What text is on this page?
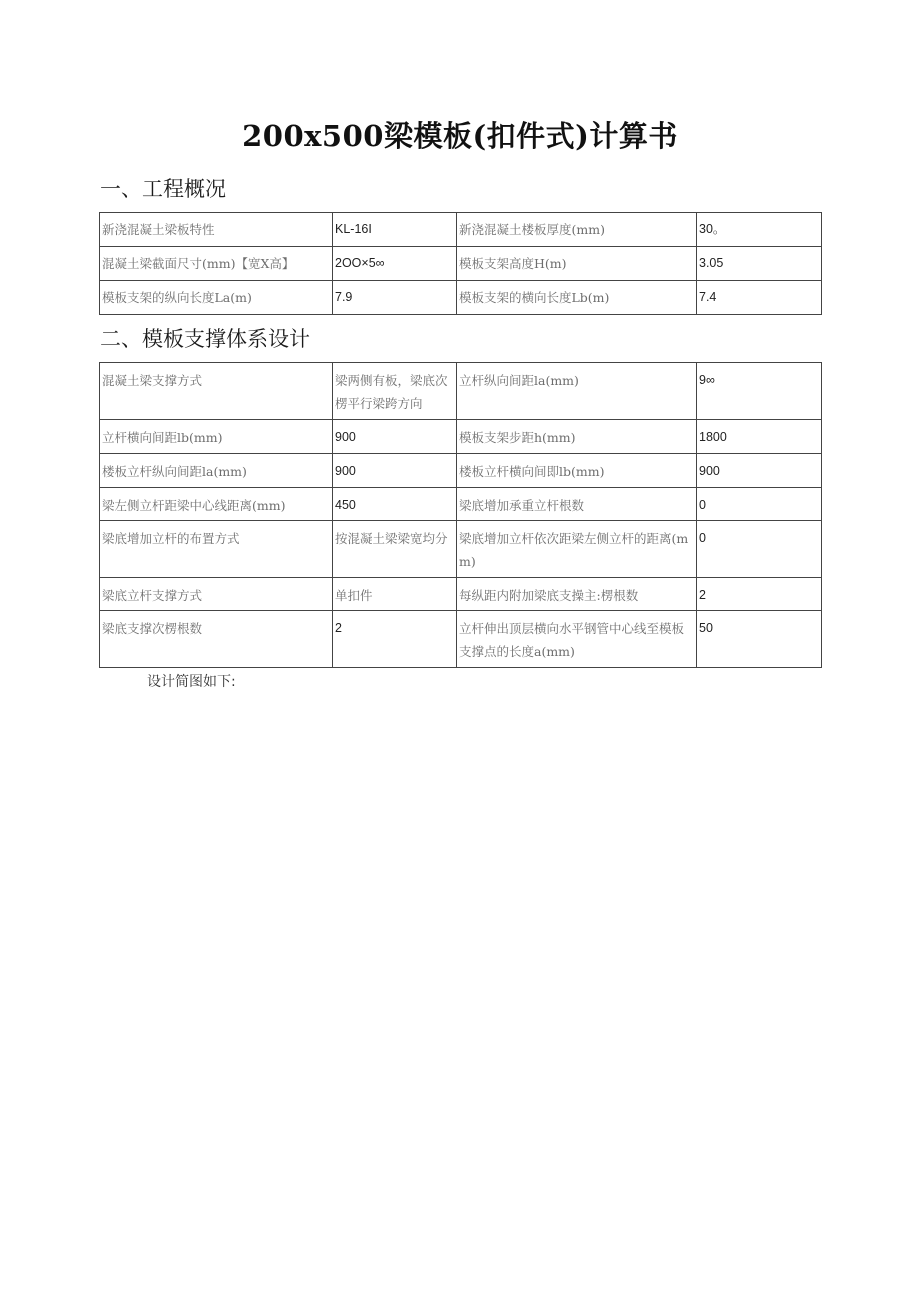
200x500梁模板(扣件式)计算书
一、工程概况
新浇混凝土梁板特性	KL-16I	新浇混凝土楼板厚度(mm)	30。
混凝土梁截面尺寸(mm)【宽X高】	2OO×5∞	模板支架高度H(m)	3.05
模板支架的纵向长度La(m)	7.9	模板支架的横向长度Lb(m)	7.4
二、模板支撑体系设计
混凝土梁支撑方式	梁两侧有板，梁底次楞平行梁跨方向	立杆纵向间距la(mm)	9∞
立杆横向间距lb(mm)	900	模板支架步距h(mm)	1800
楼板立杆纵向间距la(mm)	900	楼板立杆横向间即lb(mm)	900
梁左侧立杆距梁中心线距离(mm)	450	梁底增加承重立杆根数	0
梁底增加立杆的布置方式	按混凝土梁梁宽均分	梁底增加立杆依次距梁左侧立杆的距离(mm)	0
梁底立杆支撑方式	单扣件	每纵距内附加梁底支操主:楞根数	2
梁底支撑次楞根数	2	立杆伸出顶层横向水平钢管中心线至模板支撑点的长度a(mm)	50
设计简图如下:
